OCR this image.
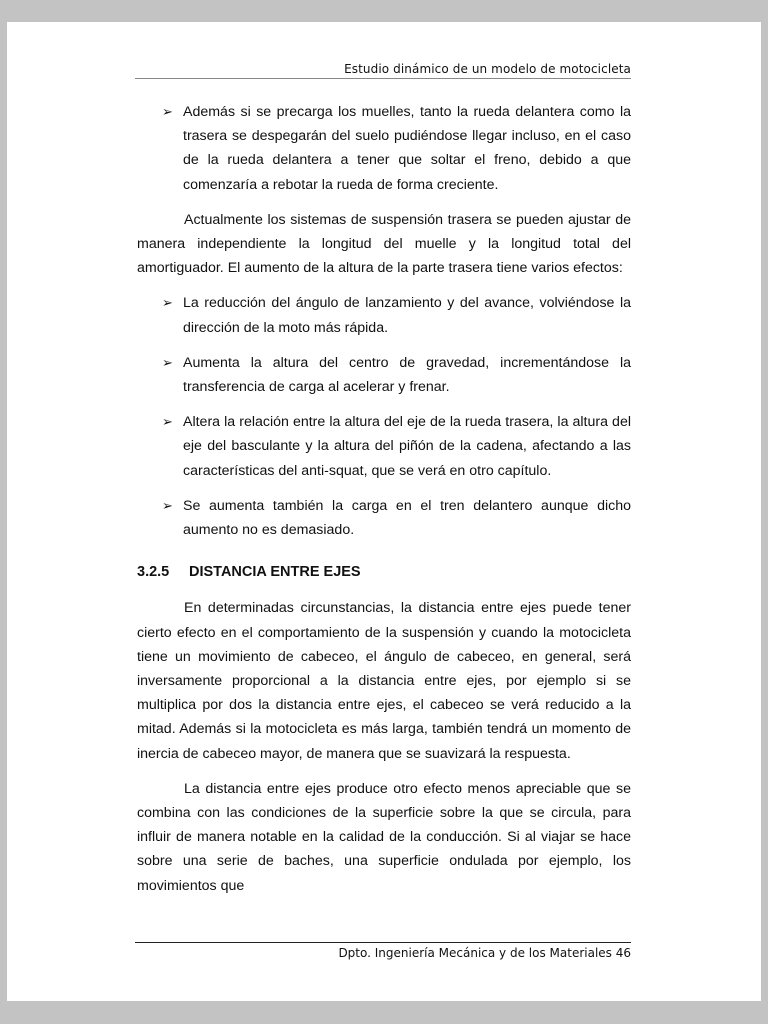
Estudio dinámico de un modelo de motocicleta
➢ Además si se precarga los muelles, tanto la rueda delantera como la trasera se despegarán del suelo pudiéndose llegar incluso, en el caso de la rueda delantera a tener que soltar el freno, debido a que comenzaría a rebotar la rueda de forma creciente.

Actualmente los sistemas de suspensión trasera se pueden ajustar de manera independiente la longitud del muelle y la longitud total del amortiguador. El aumento de la altura de la parte trasera tiene varios efectos:

➢ La reducción del ángulo de lanzamiento y del avance, volviéndose la dirección de la moto más rápida.
➢ Aumenta la altura del centro de gravedad, incrementándose la transferencia de carga al acelerar y frenar.
➢ Altera la relación entre la altura del eje de la rueda trasera, la altura del eje del basculante y la altura del piñón de la cadena, afectando a las características del anti-squat, que se verá en otro capítulo.
➢ Se aumenta también la carga en el tren delantero aunque dicho aumento no es demasiado.
3.2.5 DISTANCIA ENTRE EJES

En determinadas circunstancias, la distancia entre ejes puede tener cierto efecto en el comportamiento de la suspensión y cuando la motocicleta tiene un movimiento de cabeceo, el ángulo de cabeceo, en general, será inversamente proporcional a la distancia entre ejes, por ejemplo si se multiplica por dos la distancia entre ejes, el cabeceo se verá reducido a la mitad. Además si la motocicleta es más larga, también tendrá un momento de inercia de cabeceo mayor, de manera que se suavizará la respuesta.

La distancia entre ejes produce otro efecto menos apreciable que se combina con las condiciones de la superficie sobre la que se circula, para influir de manera notable en la calidad de la conducción. Si al viajar se hace sobre una serie de baches, una superficie ondulada por ejemplo, los movimientos que

Dpto. Ingeniería Mecánica y de los Materiales 46
